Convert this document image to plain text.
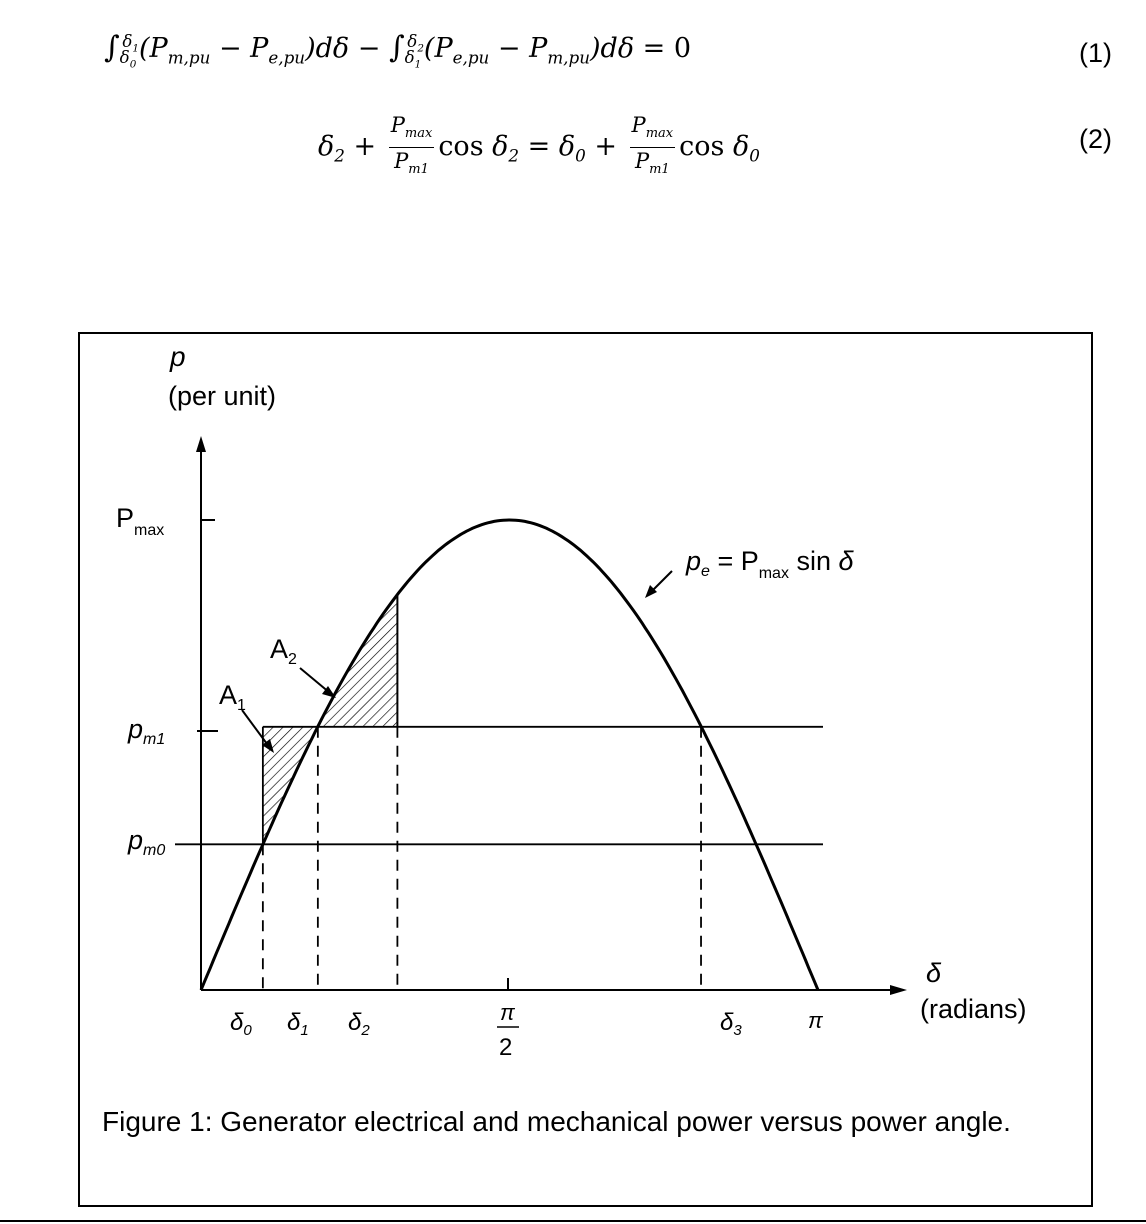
$\int_{\delta_0}^{\delta_1}(P_{m,pu} - P_{e,pu})d\delta - \int_{\delta_1}^{\delta_2}(P_{e,pu} - P_{m,pu})d\delta = 0$	(1)
$\delta_2 + \frac{P_{max}}{P_{m1}}$ $\cos \delta_2 = \delta_0 + \frac{P_{max}}{P_{m1}}$ $\cos \delta_0$
(2)
p
(per unit)
δ
(radians)
$P_{max}$
$p_{m1}$
$p_{m0}$
$A_1$
$A_2$
$p_e = P_{max}$ sin δ
$\delta_0$ $\delta_1$ $\delta_2$
π
2
$\delta_3$	π
Figure 1: Generator electrical and mechanical power versus power angle.
